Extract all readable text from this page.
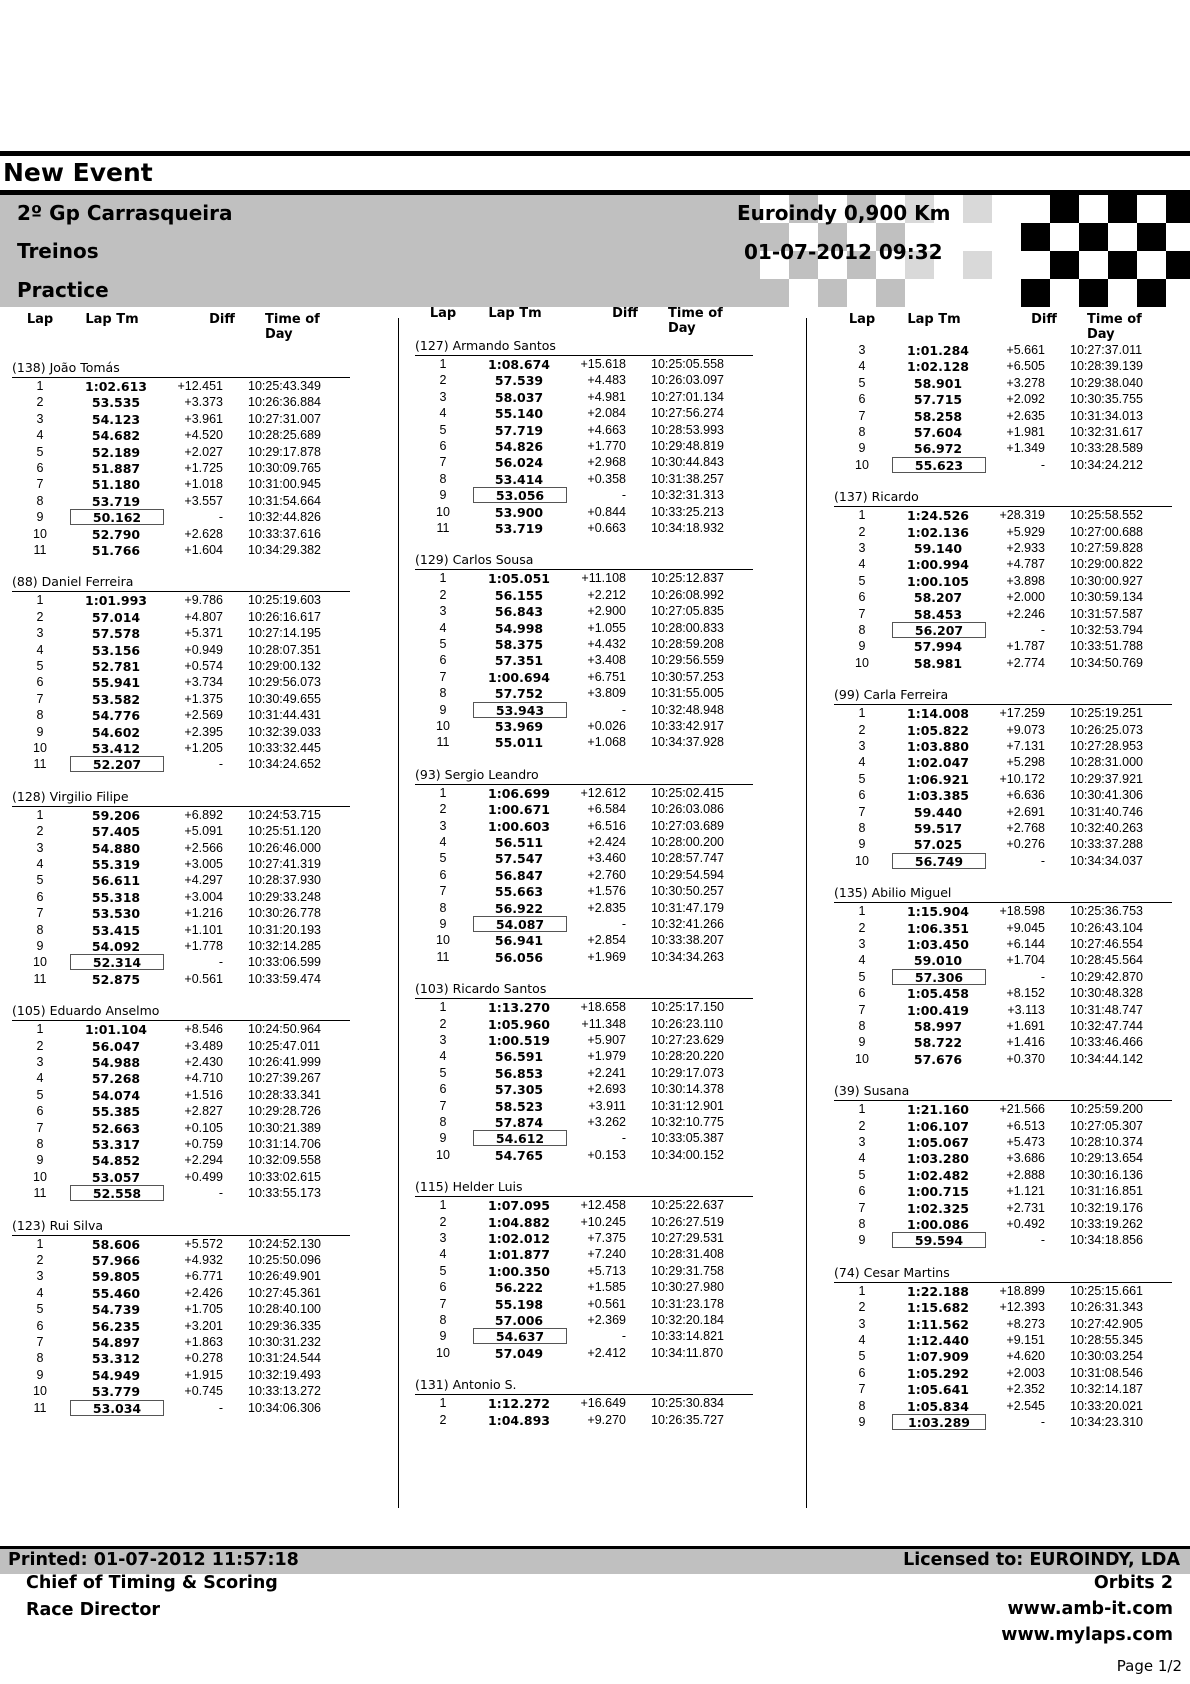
New Event
2º Gp Carrasqueira
Treinos
Practice
Euroindy 0,900 Km
01-07-2012 09:32
Lap Lap Tm	Diff Time of Day
(138) João Tomás
1	1:02.613	+12.451 10:25:43.349
2	53.535	+3.373 10:26:36.884
3	54.123	+3.961 10:27:31.007
4	54.682	+4.520 10:28:25.689
5	52.189	+2.027 10:29:17.878
6	51.887	+1.725 10:30:09.765
7	51.180	+1.018 10:31:00.945
8	53.719	+3.557 10:31:54.664
9	50.162	- 10:32:44.826
10	52.790	+2.628 10:33:37.616
11	51.766	+1.604 10:34:29.382
(88) Daniel Ferreira
1	1:01.993	+9.786 10:25:19.603
2	57.014	+4.807 10:26:16.617
3	57.578	+5.371 10:27:14.195
4	53.156	+0.949 10:28:07.351
5	52.781	+0.574 10:29:00.132
6	55.941	+3.734 10:29:56.073
7	53.582	+1.375 10:30:49.655
8	54.776	+2.569 10:31:44.431
9	54.602	+2.395 10:32:39.033
10	53.412	+1.205 10:33:32.445
11	52.207	- 10:34:24.652
(128) Virgilio Filipe
1	59.206	+6.892 10:24:53.715
2	57.405	+5.091 10:25:51.120
3	54.880	+2.566 10:26:46.000
4	55.319	+3.005 10:27:41.319
5	56.611	+4.297 10:28:37.930
6	55.318	+3.004 10:29:33.248
7	53.530	+1.216 10:30:26.778
8	53.415	+1.101 10:31:20.193
9	54.092	+1.778 10:32:14.285
10	52.314	- 10:33:06.599
11	52.875	+0.561 10:33:59.474
(105) Eduardo Anselmo
1	1:01.104	+8.546 10:24:50.964
2	56.047	+3.489 10:25:47.011
3	54.988	+2.430 10:26:41.999
4	57.268	+4.710 10:27:39.267
5	54.074	+1.516 10:28:33.341
6	55.385	+2.827 10:29:28.726
7	52.663	+0.105 10:30:21.389
8	53.317	+0.759 10:31:14.706
9	54.852	+2.294 10:32:09.558
10	53.057	+0.499 10:33:02.615
11	52.558	- 10:33:55.173
(123) Rui Silva
1	58.606	+5.572 10:24:52.130
2	57.966	+4.932 10:25:50.096
3	59.805	+6.771 10:26:49.901
4	55.460	+2.426 10:27:45.361
5	54.739	+1.705 10:28:40.100
6	56.235	+3.201 10:29:36.335
7	54.897	+1.863 10:30:31.232
8	53.312	+0.278 10:31:24.544
9	54.949	+1.915 10:32:19.493
10	53.779	+0.745 10:33:13.272
11	53.034	- 10:34:06.306
Lap Lap Tm	Diff Time of Day
(127) Armando Santos
1	1:08.674	+15.618 10:25:05.558
2	57.539	+4.483 10:26:03.097
3	58.037	+4.981 10:27:01.134
4	55.140	+2.084 10:27:56.274
5	57.719	+4.663 10:28:53.993
6	54.826	+1.770 10:29:48.819
7	56.024	+2.968 10:30:44.843
8	53.414	+0.358 10:31:38.257
9	53.056	- 10:32:31.313
10	53.900	+0.844 10:33:25.213
11	53.719	+0.663 10:34:18.932
(129) Carlos Sousa
1	1:05.051	+11.108 10:25:12.837
2	56.155	+2.212 10:26:08.992
3	56.843	+2.900 10:27:05.835
4	54.998	+1.055 10:28:00.833
5	58.375	+4.432 10:28:59.208
6	57.351	+3.408 10:29:56.559
7	1:00.694	+6.751 10:30:57.253
8	57.752	+3.809 10:31:55.005
9	53.943	- 10:32:48.948
10	53.969	+0.026 10:33:42.917
11	55.011	+1.068 10:34:37.928
(93) Sergio Leandro
1	1:06.699	+12.612 10:25:02.415
2	1:00.671	+6.584 10:26:03.086
3	1:00.603	+6.516 10:27:03.689
4	56.511	+2.424 10:28:00.200
5	57.547	+3.460 10:28:57.747
6	56.847	+2.760 10:29:54.594
7	55.663	+1.576 10:30:50.257
8	56.922	+2.835 10:31:47.179
9	54.087	- 10:32:41.266
10	56.941	+2.854 10:33:38.207
11	56.056	+1.969 10:34:34.263
(103) Ricardo Santos
1	1:13.270	+18.658 10:25:17.150
2	1:05.960	+11.348 10:26:23.110
3	1:00.519	+5.907 10:27:23.629
4	56.591	+1.979 10:28:20.220
5	56.853	+2.241 10:29:17.073
6	57.305	+2.693 10:30:14.378
7	58.523	+3.911 10:31:12.901
8	57.874	+3.262 10:32:10.775
9	54.612	- 10:33:05.387
10	54.765	+0.153 10:34:00.152
(115) Helder Luis
1	1:07.095	+12.458 10:25:22.637
2	1:04.882	+10.245 10:26:27.519
3	1:02.012	+7.375 10:27:29.531
4	1:01.877	+7.240 10:28:31.408
5	1:00.350	+5.713 10:29:31.758
6	56.222	+1.585 10:30:27.980
7	55.198	+0.561 10:31:23.178
8	57.006	+2.369 10:32:20.184
9	54.637	- 10:33:14.821
10	57.049	+2.412 10:34:11.870
(131) Antonio S.
1	1:12.272	+16.649 10:25:30.834
2	1:04.893	+9.270 10:26:35.727
Lap Lap Tm	Diff Time of Day
3	1:01.284	+5.661 10:27:37.011
4	1:02.128	+6.505 10:28:39.139
5	58.901	+3.278 10:29:38.040
6	57.715	+2.092 10:30:35.755
7	58.258	+2.635 10:31:34.013
8	57.604	+1.981 10:32:31.617
9	56.972	+1.349 10:33:28.589
10	55.623	- 10:34:24.212
(137) Ricardo
1	1:24.526	+28.319 10:25:58.552
2	1:02.136	+5.929 10:27:00.688
3	59.140	+2.933 10:27:59.828
4	1:00.994	+4.787 10:29:00.822
5	1:00.105	+3.898 10:30:00.927
6	58.207	+2.000 10:30:59.134
7	58.453	+2.246 10:31:57.587
8	56.207	- 10:32:53.794
9	57.994	+1.787 10:33:51.788
10	58.981	+2.774 10:34:50.769
(99) Carla Ferreira
1	1:14.008	+17.259 10:25:19.251
2	1:05.822	+9.073 10:26:25.073
3	1:03.880	+7.131 10:27:28.953
4	1:02.047	+5.298 10:28:31.000
5	1:06.921	+10.172 10:29:37.921
6	1:03.385	+6.636 10:30:41.306
7	59.440	+2.691 10:31:40.746
8	59.517	+2.768 10:32:40.263
9	57.025	+0.276 10:33:37.288
10	56.749	- 10:34:34.037
(135) Abilio Miguel
1	1:15.904	+18.598 10:25:36.753
2	1:06.351	+9.045 10:26:43.104
3	1:03.450	+6.144 10:27:46.554
4	59.010	+1.704 10:28:45.564
5	57.306	- 10:29:42.870
6	1:05.458	+8.152 10:30:48.328
7	1:00.419	+3.113 10:31:48.747
8	58.997	+1.691 10:32:47.744
9	58.722	+1.416 10:33:46.466
10	57.676	+0.370 10:34:44.142
(39) Susana
1	1:21.160	+21.566 10:25:59.200
2	1:06.107	+6.513 10:27:05.307
3	1:05.067	+5.473 10:28:10.374
4	1:03.280	+3.686 10:29:13.654
5	1:02.482	+2.888 10:30:16.136
6	1:00.715	+1.121 10:31:16.851
7	1:02.325	+2.731 10:32:19.176
8	1:00.086	+0.492 10:33:19.262
9	59.594	- 10:34:18.856
(74) Cesar Martins
1	1:22.188	+18.899 10:25:15.661
2	1:15.682	+12.393 10:26:31.343
3	1:11.562	+8.273 10:27:42.905
4	1:12.440	+9.151 10:28:55.345
5	1:07.909	+4.620 10:30:03.254
6	1:05.292	+2.003 10:31:08.546
7	1:05.641	+2.352 10:32:14.187
8	1:05.834	+2.545 10:33:20.021
9	1:03.289	- 10:34:23.310
Printed: 01-07-2012 11:57:18	Licensed to: EUROINDY, LDA
Chief of Timing & Scoring
Race Director
Orbits 2
www.amb-it.com
www.mylaps.com
Page 1/2
